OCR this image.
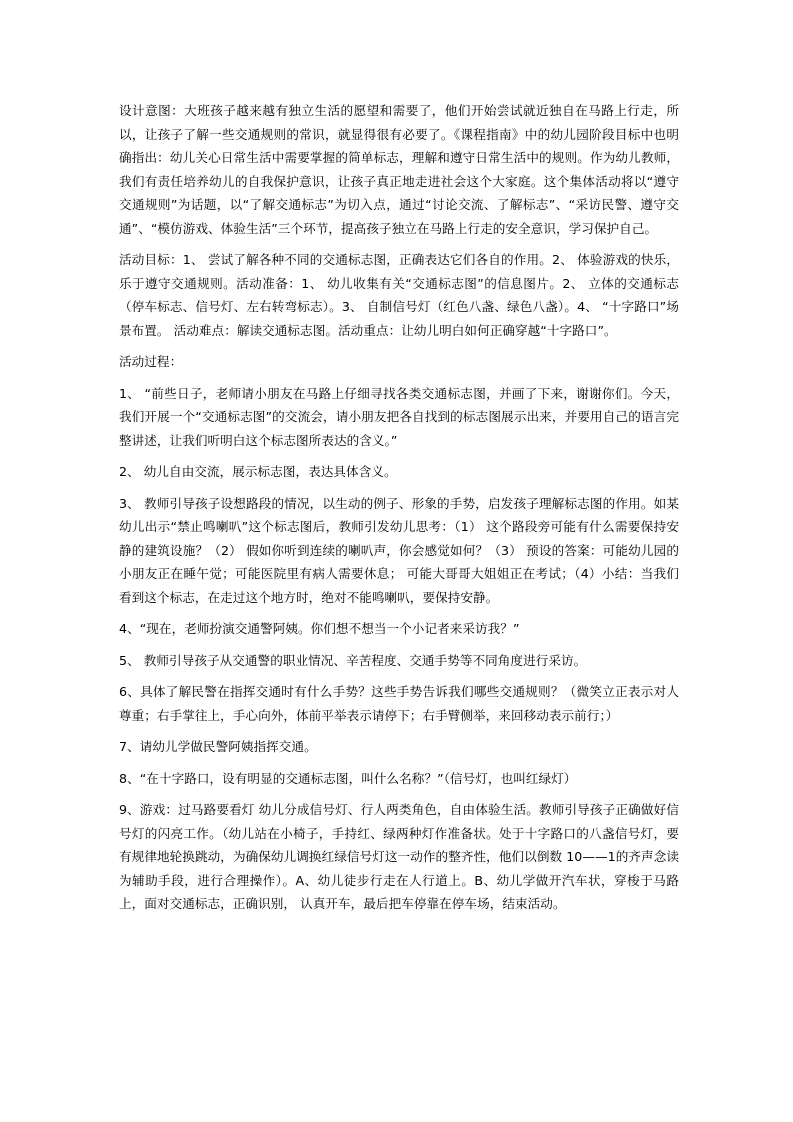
设计意图：大班孩子越来越有独立生活的愿望和需要了，他们开始尝试就近独自在马路上行走，所以，让孩子了解一些交通规则的常识，就显得很有必要了。《课程指南》中的幼儿园阶段目标中也明确指出：幼儿关心日常生活中需要掌握的简单标志，理解和遵守日常生活中的规则。作为幼儿教师，我们有责任培养幼儿的自我保护意识，让孩子真正地走进社会这个大家庭。这个集体活动将以“遵守交通规则”为话题，以“了解交通标志”为切入点，通过“讨论交流、了解标志”、“采访民警、遵守交通”、“模仿游戏、体验生活”三个环节，提高孩子独立在马路上行走的安全意识，学习保护自己。

活动目标：1、 尝试了解各种不同的交通标志图，正确表达它们各自的作用。2、 体验游戏的快乐，乐于遵守交通规则。活动准备：1、 幼儿收集有关“交通标志图”的信息图片。2、 立体的交通标志（停车标志、信号灯、左右转弯标志）。3、 自制信号灯（红色八盏、绿色八盏）。4、 “十字路口”场景布置。 活动难点：解读交通标志图。活动重点：让幼儿明白如何正确穿越“十字路口”。

活动过程：

1、 “前些日子，老师请小朋友在马路上仔细寻找各类交通标志图，并画了下来，谢谢你们。今天，我们开展一个“交通标志图”的交流会，请小朋友把各自找到的标志图展示出来，并要用自己的语言完整讲述，让我们听明白这个标志图所表达的含义。”

2、 幼儿自由交流，展示标志图，表达具体含义。

3、 教师引导孩子设想路段的情况，以生动的例子、形象的手势，启发孩子理解标志图的作用。如某幼儿出示“禁止鸣喇叭”这个标志图后，教师引发幼儿思考：（1） 这个路段旁可能有什么需要保持安静的建筑设施？（2） 假如你听到连续的喇叭声，你会感觉如何？（3） 预设的答案：可能幼儿园的小朋友正在睡午觉；可能医院里有病人需要休息； 可能大哥哥大姐姐正在考试；（4）小结：当我们看到这个标志，在走过这个地方时，绝对不能鸣喇叭，要保持安静。

4、“现在，老师扮演交通警阿姨。你们想不想当一个小记者来采访我？”

5、 教师引导孩子从交通警的职业情况、辛苦程度、交通手势等不同角度进行采访。

6、具体了解民警在指挥交通时有什么手势？这些手势告诉我们哪些交通规则？（微笑立正表示对人尊重；右手掌往上，手心向外，体前平举表示请停下；右手臂侧举，来回移动表示前行；）

7、请幼儿学做民警阿姨指挥交通。

8、“在十字路口，设有明显的交通标志图，叫什么名称？”（信号灯，也叫红绿灯）

9、游戏：过马路要看灯 幼儿分成信号灯、行人两类角色，自由体验生活。教师引导孩子正确做好信号灯的闪亮工作。（幼儿站在小椅子，手持红、绿两种灯作准备状。处于十字路口的八盏信号灯，要有规律地轮换跳动，为确保幼儿调换红绿信号灯这一动作的整齐性，他们以倒数 10——1的齐声念读为辅助手段，进行合理操作）。A、幼儿徒步行走在人行道上。B、幼儿学做开汽车状，穿梭于马路上，面对交通标志，正确识别， 认真开车，最后把车停靠在停车场，结束活动。
